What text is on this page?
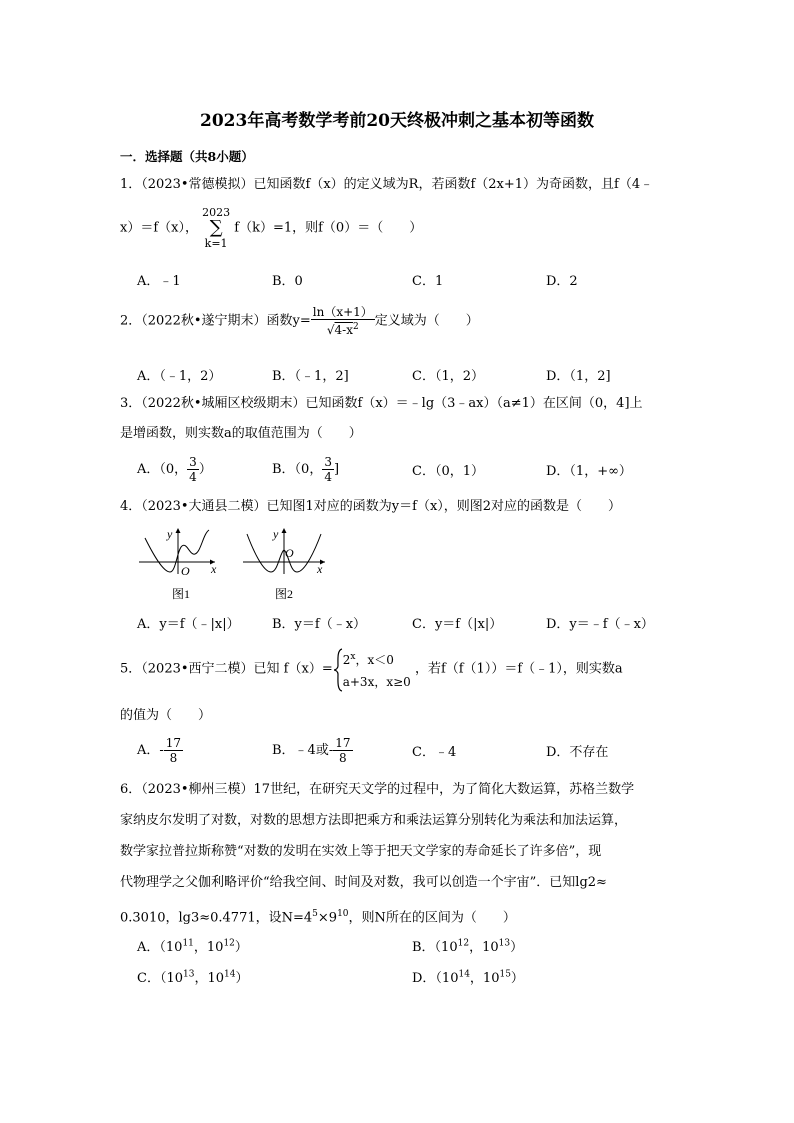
2023年高考数学考前20天终极冲刺之基本初等函数
一．选择题（共8小题）
1．（2023•常德模拟）已知函数f（x）的定义域为R，若函数f（2x+1）为奇函数，且f（4﹣
x）＝f（x），
2023
∑
k=1
f（k）=1，则f（0）＝（　　）
A．﹣1	B．0	C．1	D．2
2．（2022秋•遂宁期末）函数$y= \frac{\ln(x+1)}{√4-x^2}$ 定义域为（　　）
A．（﹣1，2）	B．（﹣1，2]	C．（1，2）	D．（1，2]
3．（2022秋•城厢区校级期末）已知函数f（x）＝﹣lg（3﹣ax）（a≠1）在区间（0，4]上
是增函数，则实数a的取值范围为（　　）
A．（0， $\frac{3}{4}$ ）	B．（0， $\frac{3}{4}$ ]	C．（0，1）	D．（1，+∞）
4．（2023•大通县二模）已知图1对应的函数为y＝f（x），则图2对应的函数是（　　）
y
O x
图1
y
O
x
图2
A．y＝f（﹣|x|） B．y＝f（﹣x）	C．y＝f（|x|）	D．y＝﹣f（﹣x）
5．（2023•西宁二模）已知 f（x）=
$2^x$，x＜0
a+3x，x≥0
，若f（f（1））＝f（﹣1），则实数a
的值为（　　）
A．- $\frac{17}{8}$	B．﹣4或- $\frac{17}{8}$	C．﹣4	D．不存在
6．（2023•柳州三模）17世纪，在研究天文学的过程中，为了简化大数运算，苏格兰数学
家纳皮尔发明了对数，对数的思想方法即把乘方和乘法运算分别转化为乘法和加法运算，
数学家拉普拉斯称赞“对数的发明在实效上等于把天文学家的寿命延长了许多倍”，现
代物理学之父伽利略评价“给我空间、时间及对数，我可以创造一个宇宙”．已知lg2≈
0.3010，lg3≈0.4771，设$N=4^5\times 9^{10}$，则N所在的区间为（　　）
A．（$10^{11}$，$10^{12}$）	B．（$10^{12}$，$10^{13}$）
C．（$10^{13}$，$10^{14}$）	D．（$10^{14}$，$10^{15}$）
